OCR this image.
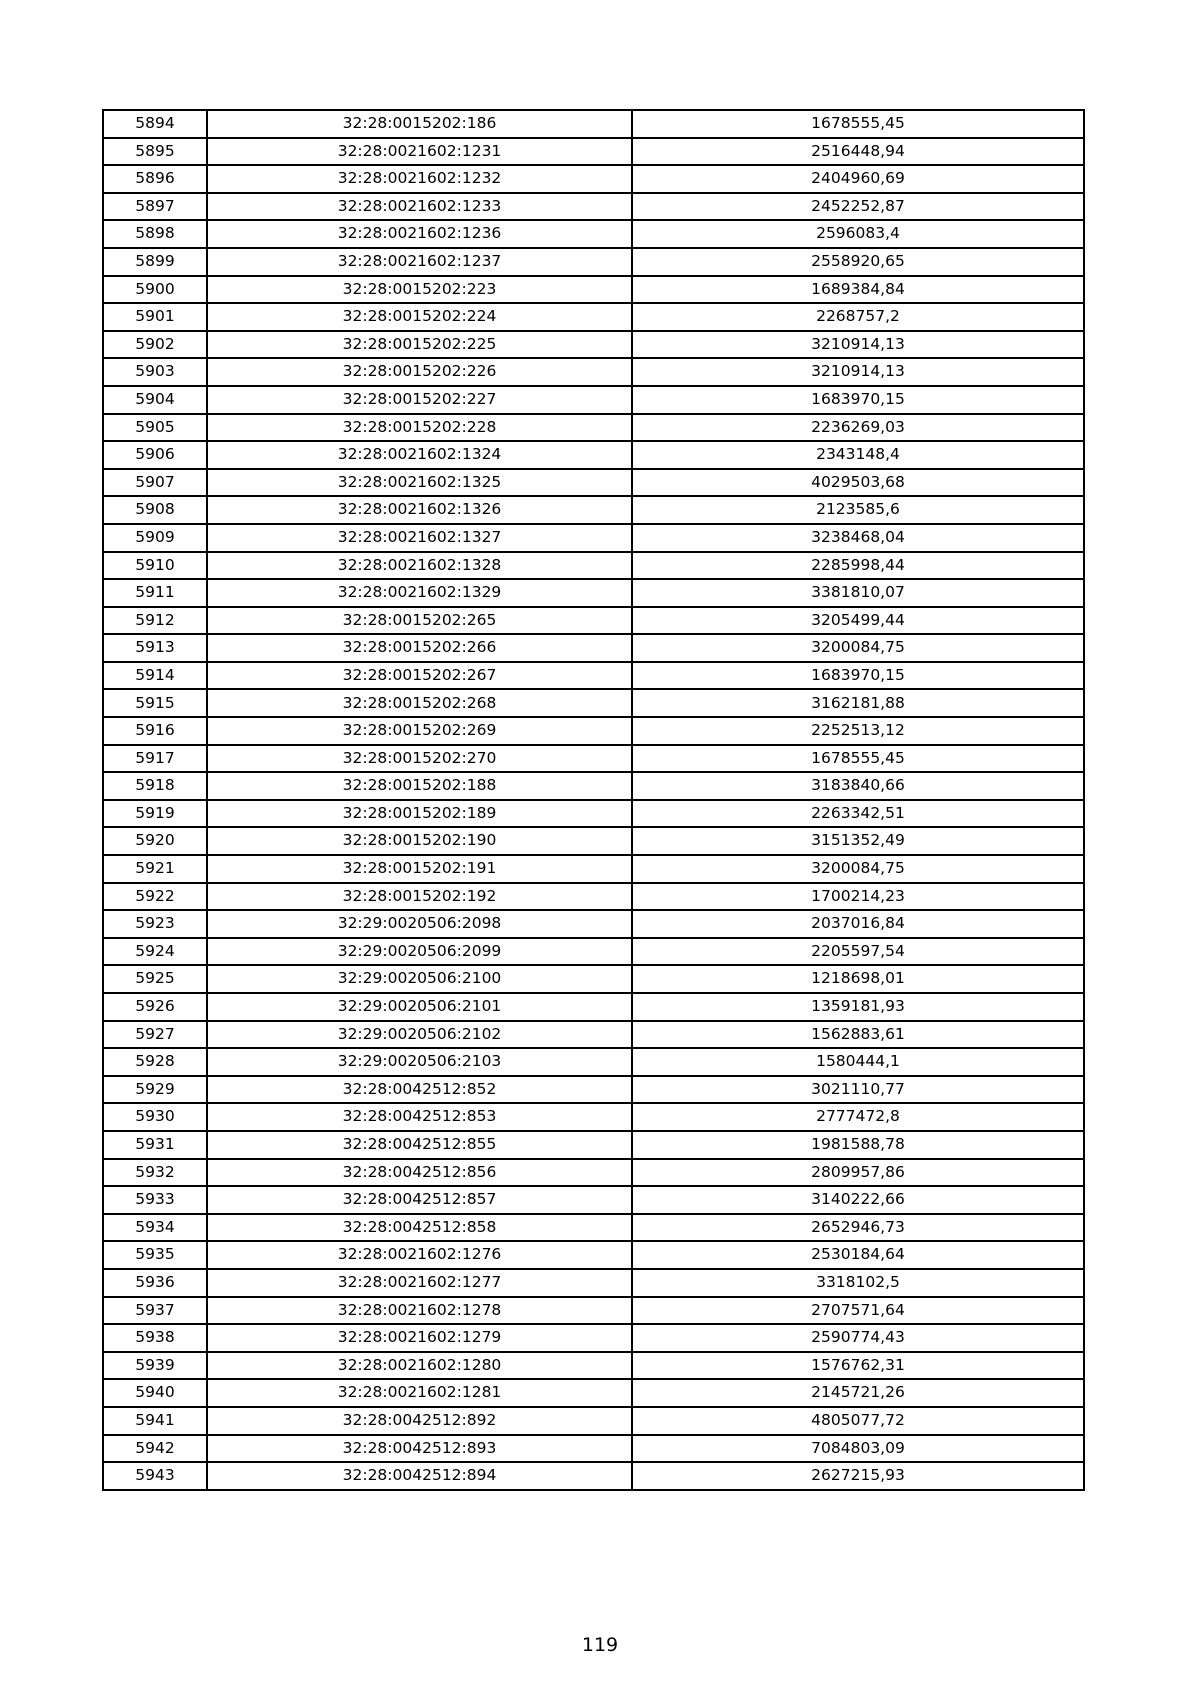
5894	32:28:0015202:186	1678555,45
5895	32:28:0021602:1231	2516448,94
5896	32:28:0021602:1232	2404960,69
5897	32:28:0021602:1233	2452252,87
5898	32:28:0021602:1236	2596083,4
5899	32:28:0021602:1237	2558920,65
5900	32:28:0015202:223	1689384,84
5901	32:28:0015202:224	2268757,2
5902	32:28:0015202:225	3210914,13
5903	32:28:0015202:226	3210914,13
5904	32:28:0015202:227	1683970,15
5905	32:28:0015202:228	2236269,03
5906	32:28:0021602:1324	2343148,4
5907	32:28:0021602:1325	4029503,68
5908	32:28:0021602:1326	2123585,6
5909	32:28:0021602:1327	3238468,04
5910	32:28:0021602:1328	2285998,44
5911	32:28:0021602:1329	3381810,07
5912	32:28:0015202:265	3205499,44
5913	32:28:0015202:266	3200084,75
5914	32:28:0015202:267	1683970,15
5915	32:28:0015202:268	3162181,88
5916	32:28:0015202:269	2252513,12
5917	32:28:0015202:270	1678555,45
5918	32:28:0015202:188	3183840,66
5919	32:28:0015202:189	2263342,51
5920	32:28:0015202:190	3151352,49
5921	32:28:0015202:191	3200084,75
5922	32:28:0015202:192	1700214,23
5923	32:29:0020506:2098	2037016,84
5924	32:29:0020506:2099	2205597,54
5925	32:29:0020506:2100	1218698,01
5926	32:29:0020506:2101	1359181,93
5927	32:29:0020506:2102	1562883,61
5928	32:29:0020506:2103	1580444,1
5929	32:28:0042512:852	3021110,77
5930	32:28:0042512:853	2777472,8
5931	32:28:0042512:855	1981588,78
5932	32:28:0042512:856	2809957,86
5933	32:28:0042512:857	3140222,66
5934	32:28:0042512:858	2652946,73
5935	32:28:0021602:1276	2530184,64
5936	32:28:0021602:1277	3318102,5
5937	32:28:0021602:1278	2707571,64
5938	32:28:0021602:1279	2590774,43
5939	32:28:0021602:1280	1576762,31
5940	32:28:0021602:1281	2145721,26
5941	32:28:0042512:892	4805077,72
5942	32:28:0042512:893	7084803,09
5943	32:28:0042512:894	2627215,93
119
